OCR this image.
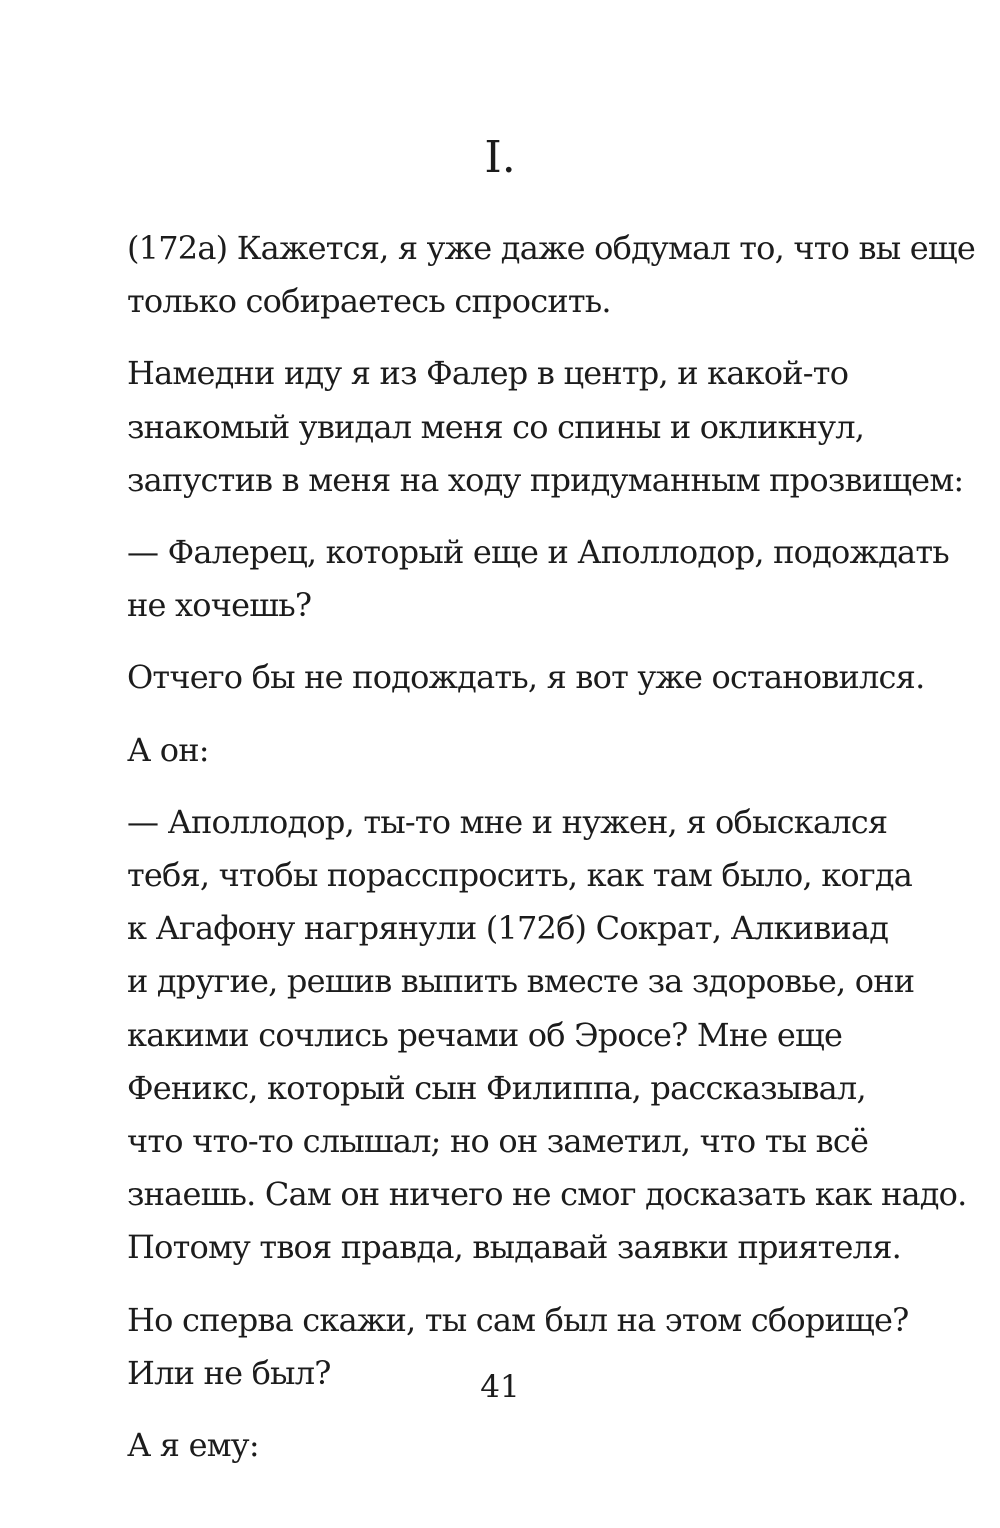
I.

(172а) Кажется, я уже даже обдумал то, что вы еще
только собираетесь спросить.

Намедни иду я из Фалер в центр, и какой-то
знакомый увидал меня со спины и окликнул,
запустив в меня на ходу придуманным прозвищем:

— Фалерец, который еще и Аполлодор, подождать
не хочешь?

Отчего бы не подождать, я вот уже остановился.

А он:

— Аполлодор, ты-то мне и нужен, я обыскался
тебя, чтобы порасспросить, как там было, когда
к Агафону нагрянули (172б) Сократ, Алкивиад
и другие, решив выпить вместе за здоровье, они
какими сочлись речами об Эросе? Мне еще
Феникс, который сын Филиппа, рассказывал,
что что-то слышал; но он заметил, что ты всё
знаешь. Сам он ничего не смог досказать как надо.
Потому твоя правда, выдавай заявки приятеля.

Но сперва скажи, ты сам был на этом сборище?
Или не был?

А я ему:

41
